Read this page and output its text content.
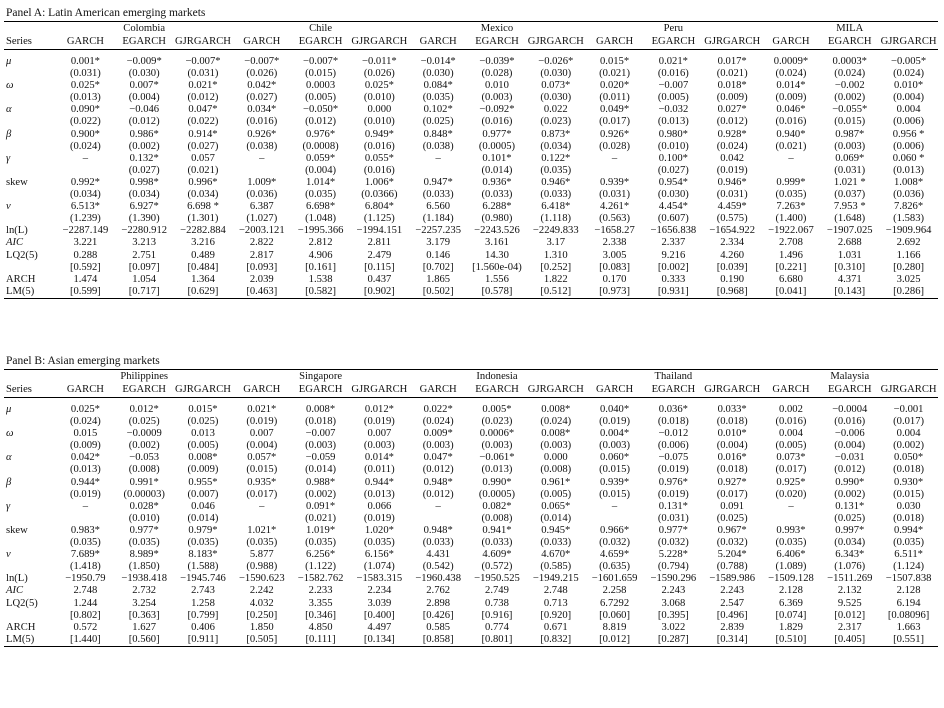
Panel A: Latin American emerging markets
		Colombia			Chile			Mexico			Peru			MILA	
Series	GARCH	EGARCH	GJRGARCH	GARCH	EGARCH	GJRGARCH	GARCH	EGARCH	GJRGARCH	GARCH	EGARCH	GJRGARCH	GARCH	EGARCH	GJRGARCH

μ	0.001*	−0.009*	−0.007*	−0.007*	−0.007*	−0.011*	−0.014*	−0.039*	−0.026*	0.015*	0.021*	0.017*	0.0009*	0.0003*	−0.005*
	(0.031)	(0.030)	(0.031)	(0.026)	(0.015)	(0.026)	(0.030)	(0.028)	(0.030)	(0.021)	(0.016)	(0.021)	(0.024)	(0.024)	(0.024)
ω	0.025*	0.007*	0.021*	0.042*	0.0003	0.025*	0.084*	0.010	0.073*	0.020*	−0.007	0.018*	0.014*	−0.002	0.010*
	(0.013)	(0.004)	(0.012)	(0.027)	(0.005)	(0.010)	(0.035)	(0.003)	(0.030)	(0.011)	(0.005)	(0.009)	(0.009)	(0.002)	(0.004)
α	0.090*	−0.046	0.047*	0.034*	−0.050*	0.000	0.102*	−0.092*	0.022	0.049*	−0.032	0.027*	0.046*	−0.055*	0.004
	(0.022)	(0.012)	(0.022)	(0.016)	(0.012)	(0.010)	(0.025)	(0.016)	(0.023)	(0.017)	(0.013)	(0.012)	(0.016)	(0.015)	(0.006)
β	0.900*	0.986*	0.914*	0.926*	0.976*	0.949*	0.848*	0.977*	0.873*	0.926*	0.980*	0.928*	0.940*	0.987*	0.956 *
	(0.024)	(0.002)	(0.027)	(0.038)	(0.0008)	(0.016)	(0.038)	(0.0005)	(0.034)	(0.028)	(0.010)	(0.024)	(0.021)	(0.003)	(0.006)
γ	–	0.132*	0.057	–	0.059*	0.055*	–	0.101*	0.122*	–	0.100*	0.042	–	0.069*	0.060 *
		(0.027)	(0.021)		(0.004)	(0.016)		(0.014)	(0.035)		(0.027)	(0.019)		(0.031)	(0.013)
skew	0.992*	0.998*	0.996*	1.009*	1.014*	1.006*	0.947*	0.936*	0.946*	0.939*	0.954*	0.946*	0.999*	1.021 *	1.008*
	(0.034)	(0.034)	(0.034)	(0.036)	(0.035)	(0.0366)	(0.033)	(0.033)	(0.033)	(0.031)	(0.030)	(0.031)	(0.035)	(0.037)	(0.036)
ν	6.513*	6.927*	6.698 *	6.387	6.698*	6.804*	6.560	6.288*	6.418*	4.261*	4.454*	4.459*	7.263*	7.953 *	7.826*
	(1.239)	(1.390)	(1.301)	(1.027)	(1.048)	(1.125)	(1.184)	(0.980)	(1.118)	(0.563)	(0.607)	(0.575)	(1.400)	(1.648)	(1.583)
ln(L)	−2287.149	−2280.912	−2282.884	−2003.121	−1995.366	−1994.151	−2257.235	−2243.526	−2249.833	−1658.27	−1656.838	−1654.922	−1922.067	−1907.025	−1909.964
AIC	3.221	3.213	3.216	2.822	2.812	2.811	3.179	3.161	3.17	2.338	2.337	2.334	2.708	2.688	2.692
LQ2(5)	0.288	2.751	0.489	2.817	4.906	2.479	0.146	14.30	1.310	3.005	9.216	4.260	1.496	1.031	1.166
	[0.592]	[0.097]	[0.484]	[0.093]	[0.161]	[0.115]	[0.702]	[1.560e-04)	[0.252]	[0.083]	[0.002]	[0.039]	[0.221]	[0.310]	[0.280]
ARCH	1.474	1.054	1.364	2.039	1.538	0.437	1.865	1.556	1.822	0.170	0.333	0.190	6.680	4.371	3.025
LM(5)	[0.599]	[0.717]	[0.629]	[0.463]	[0.582]	[0.902]	[0.502]	[0.578]	[0.512]	[0.973]	[0.931]	[0.968]	[0.041]	[0.143]	[0.286]
Panel B: Asian emerging markets
		Philippines			Singapore			Indonesia			Thailand			Malaysia	
Series	GARCH	EGARCH	GJRGARCH	GARCH	EGARCH	GJRGARCH	GARCH	EGARCH	GJRGARCH	GARCH	EGARCH	GJRGARCH	GARCH	EGARCH	GJRGARCH

μ	0.025*	0.012*	0.015*	0.021*	0.008*	0.012*	0.022*	0.005*	0.008*	0.040*	0.036*	0.033*	0.002	−0.0004	−0.001
	(0.024)	(0.025)	(0.025)	(0.019)	(0.018)	(0.019)	(0.024)	(0.023)	(0.024)	(0.019)	(0.018)	(0.018)	(0.016)	(0.016)	(0.017)
ω	0.015	−0.0009	0.013	0.007	−0.007	0.007	0.009*	0.0006*	0.008*	0.004*	−0.012	0.010*	0.004	−0.006	0.004
	(0.009)	(0.002)	(0.005)	(0.004)	(0.003)	(0.003)	(0.003)	(0.003)	(0.003)	(0.003)	(0.006)	(0.004)	(0.005)	(0.004)	(0.002)
α	0.042*	−0.053	0.008*	0.057*	−0.059	0.014*	0.047*	−0.061*	0.000	0.060*	−0.075	0.016*	0.073*	−0.031	0.050*
	(0.013)	(0.008)	(0.009)	(0.015)	(0.014)	(0.011)	(0.012)	(0.013)	(0.008)	(0.015)	(0.019)	(0.018)	(0.017)	(0.012)	(0.018)
β	0.944*	0.991*	0.955*	0.935*	0.988*	0.944*	0.948*	0.990*	0.961*	0.939*	0.976*	0.927*	0.925*	0.990*	0.930*
	(0.019)	(0.00003)	(0.007)	(0.017)	(0.002)	(0.013)	(0.012)	(0.0005)	(0.005)	(0.015)	(0.019)	(0.017)	(0.020)	(0.002)	(0.015)
γ	–	0.028*	0.046	–	0.091*	0.066	–	0.082*	0.065*	–	0.131*	0.091	–	0.131*	0.030
		(0.010)	(0.014)		(0.021)	(0.019)		(0.008)	(0.014)		(0.031)	(0.025)		(0.025)	(0.018)
skew	0.983*	0.977*	0.979*	1.021*	1.019*	1.020*	0.948*	0.941*	0.945*	0.966*	0.977*	0.967*	0.993*	0.997*	0.994*
	(0.035)	(0.035)	(0.035)	(0.035)	(0.035)	(0.035)	(0.033)	(0.033)	(0.033)	(0.032)	(0.032)	(0.032)	(0.035)	(0.034)	(0.035)
ν	7.689*	8.989*	8.183*	5.877	6.256*	6.156*	4.431	4.609*	4.670*	4.659*	5.228*	5.204*	6.406*	6.343*	6.511*
	(1.418)	(1.850)	(1.588)	(0.988)	(1.122)	(1.074)	(0.542)	(0.572)	(0.585)	(0.635)	(0.794)	(0.788)	(1.089)	(1.076)	(1.124)
ln(L)	−1950.79	−1938.418	−1945.746	−1590.623	−1582.762	−1583.315	−1960.438	−1950.525	−1949.215	−1601.659	−1590.296	−1589.986	−1509.128	−1511.269	−1507.838
AIC	2.748	2.732	2.743	2.242	2.233	2.234	2.762	2.749	2.748	2.258	2.243	2.243	2.128	2.132	2.128
LQ2(5)	1.244	3.254	1.258	4.032	3.355	3.039	2.898	0.738	0.713	6.7292	3.068	2.547	6.369	9.525	6.194
	[0.802]	[0.363]	[0.799]	[0.250]	[0.346]	[0.400]	[0.426]	[0.916]	[0.920]	[0.060]	[0.395]	[0.496]	[0.074]	[0.012]	[0.08096]
ARCH	0.572	1.627	0.406	1.850	4.850	4.497	0.585	0.774	0.671	8.819	3.022	2.839	1.829	2.317	1.663
LM(5)	[1.440]	[0.560]	[0.911]	[0.505]	[0.111]	[0.134]	[0.858]	[0.801]	[0.832]	[0.012]	[0.287]	[0.314]	[0.510]	[0.405]	[0.551]
